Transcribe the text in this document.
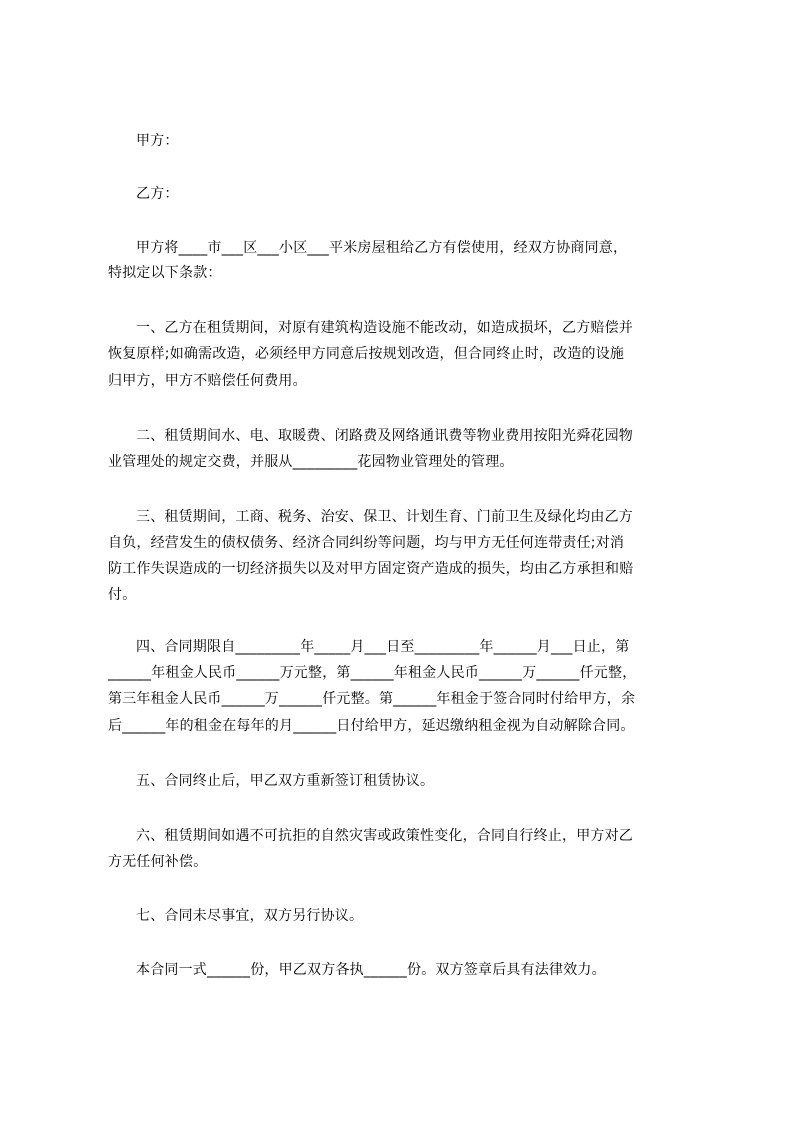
甲方：
乙方：
甲方将____市___区___小区___平米房屋租给乙方有偿使用，经双方协商同意，
特拟定以下条款：
一、乙方在租赁期间，对原有建筑构造设施不能改动，如造成损坏，乙方赔偿并
恢复原样;如确需改造，必须经甲方同意后按规划改造，但合同终止时，改造的设施
归甲方，甲方不赔偿任何费用。
二、租赁期间水、电、取暖费、闭路费及网络通讯费等物业费用按阳光舜花园物
业管理处的规定交费，并服从_________花园物业管理处的管理。
三、租赁期间，工商、税务、治安、保卫、计划生育、门前卫生及绿化均由乙方
自负，经营发生的债权债务、经济合同纠纷等问题，均与甲方无任何连带责任;对消
防工作失误造成的一切经济损失以及对甲方固定资产造成的损失，均由乙方承担和赔
付。
四、合同期限自_________年_____月___日至_________年______月___日止，第
______年租金人民币______万元整，第______年租金人民币______万______仟元整，
第三年租金人民币______万______仟元整。第______年租金于签合同时付给甲方，余
后______年的租金在每年的月______日付给甲方，延迟缴纳租金视为自动解除合同。
五、合同终止后，甲乙双方重新签订租赁协议。
六、租赁期间如遇不可抗拒的自然灾害或政策性变化，合同自行终止，甲方对乙
方无任何补偿。
七、合同未尽事宜，双方另行协议。
本合同一式______份，甲乙双方各执______份。双方签章后具有法律效力。
